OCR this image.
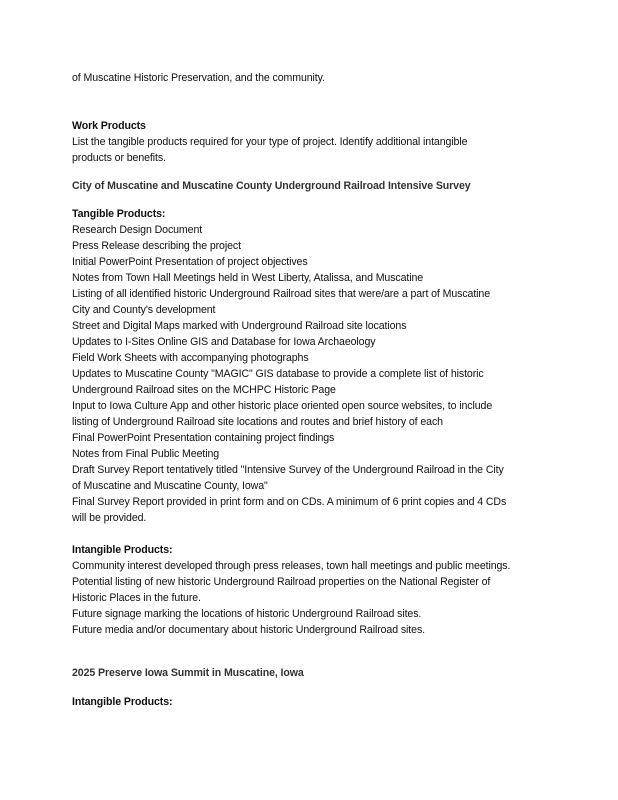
of Muscatine Historic Preservation, and the community.
Work Products
List the tangible products required for your type of project. Identify additional intangible
products or benefits.
City of Muscatine and Muscatine County Underground Railroad Intensive Survey
Tangible Products:
Research Design Document
Press Release describing the project
Initial PowerPoint Presentation of project objectives
Notes from Town Hall Meetings held in West Liberty, Atalissa, and Muscatine
Listing of all identified historic Underground Railroad sites that were/are a part of Muscatine
City and County's development
Street and Digital Maps marked with Underground Railroad site locations
Updates to I-Sites Online GIS and Database for Iowa Archaeology
Field Work Sheets with accompanying photographs
Updates to Muscatine County "MAGIC" GIS database to provide a complete list of historic
Underground Railroad sites on the MCHPC Historic Page
Input to Iowa Culture App and other historic place oriented open source websites, to include
listing of Underground Railroad site locations and routes and brief history of each
Final PowerPoint Presentation containing project findings
Notes from Final Public Meeting
Draft Survey Report tentatively titled "Intensive Survey of the Underground Railroad in the City
of Muscatine and Muscatine County, Iowa"
Final Survey Report provided in print form and on CDs. A minimum of 6 print copies and 4 CDs
will be provided.
Intangible Products:
Community interest developed through press releases, town hall meetings and public meetings.
Potential listing of new historic Underground Railroad properties on the National Register of
Historic Places in the future.
Future signage marking the locations of historic Underground Railroad sites.
Future media and/or documentary about historic Underground Railroad sites.
2025 Preserve Iowa Summit in Muscatine, Iowa
Intangible Products:
